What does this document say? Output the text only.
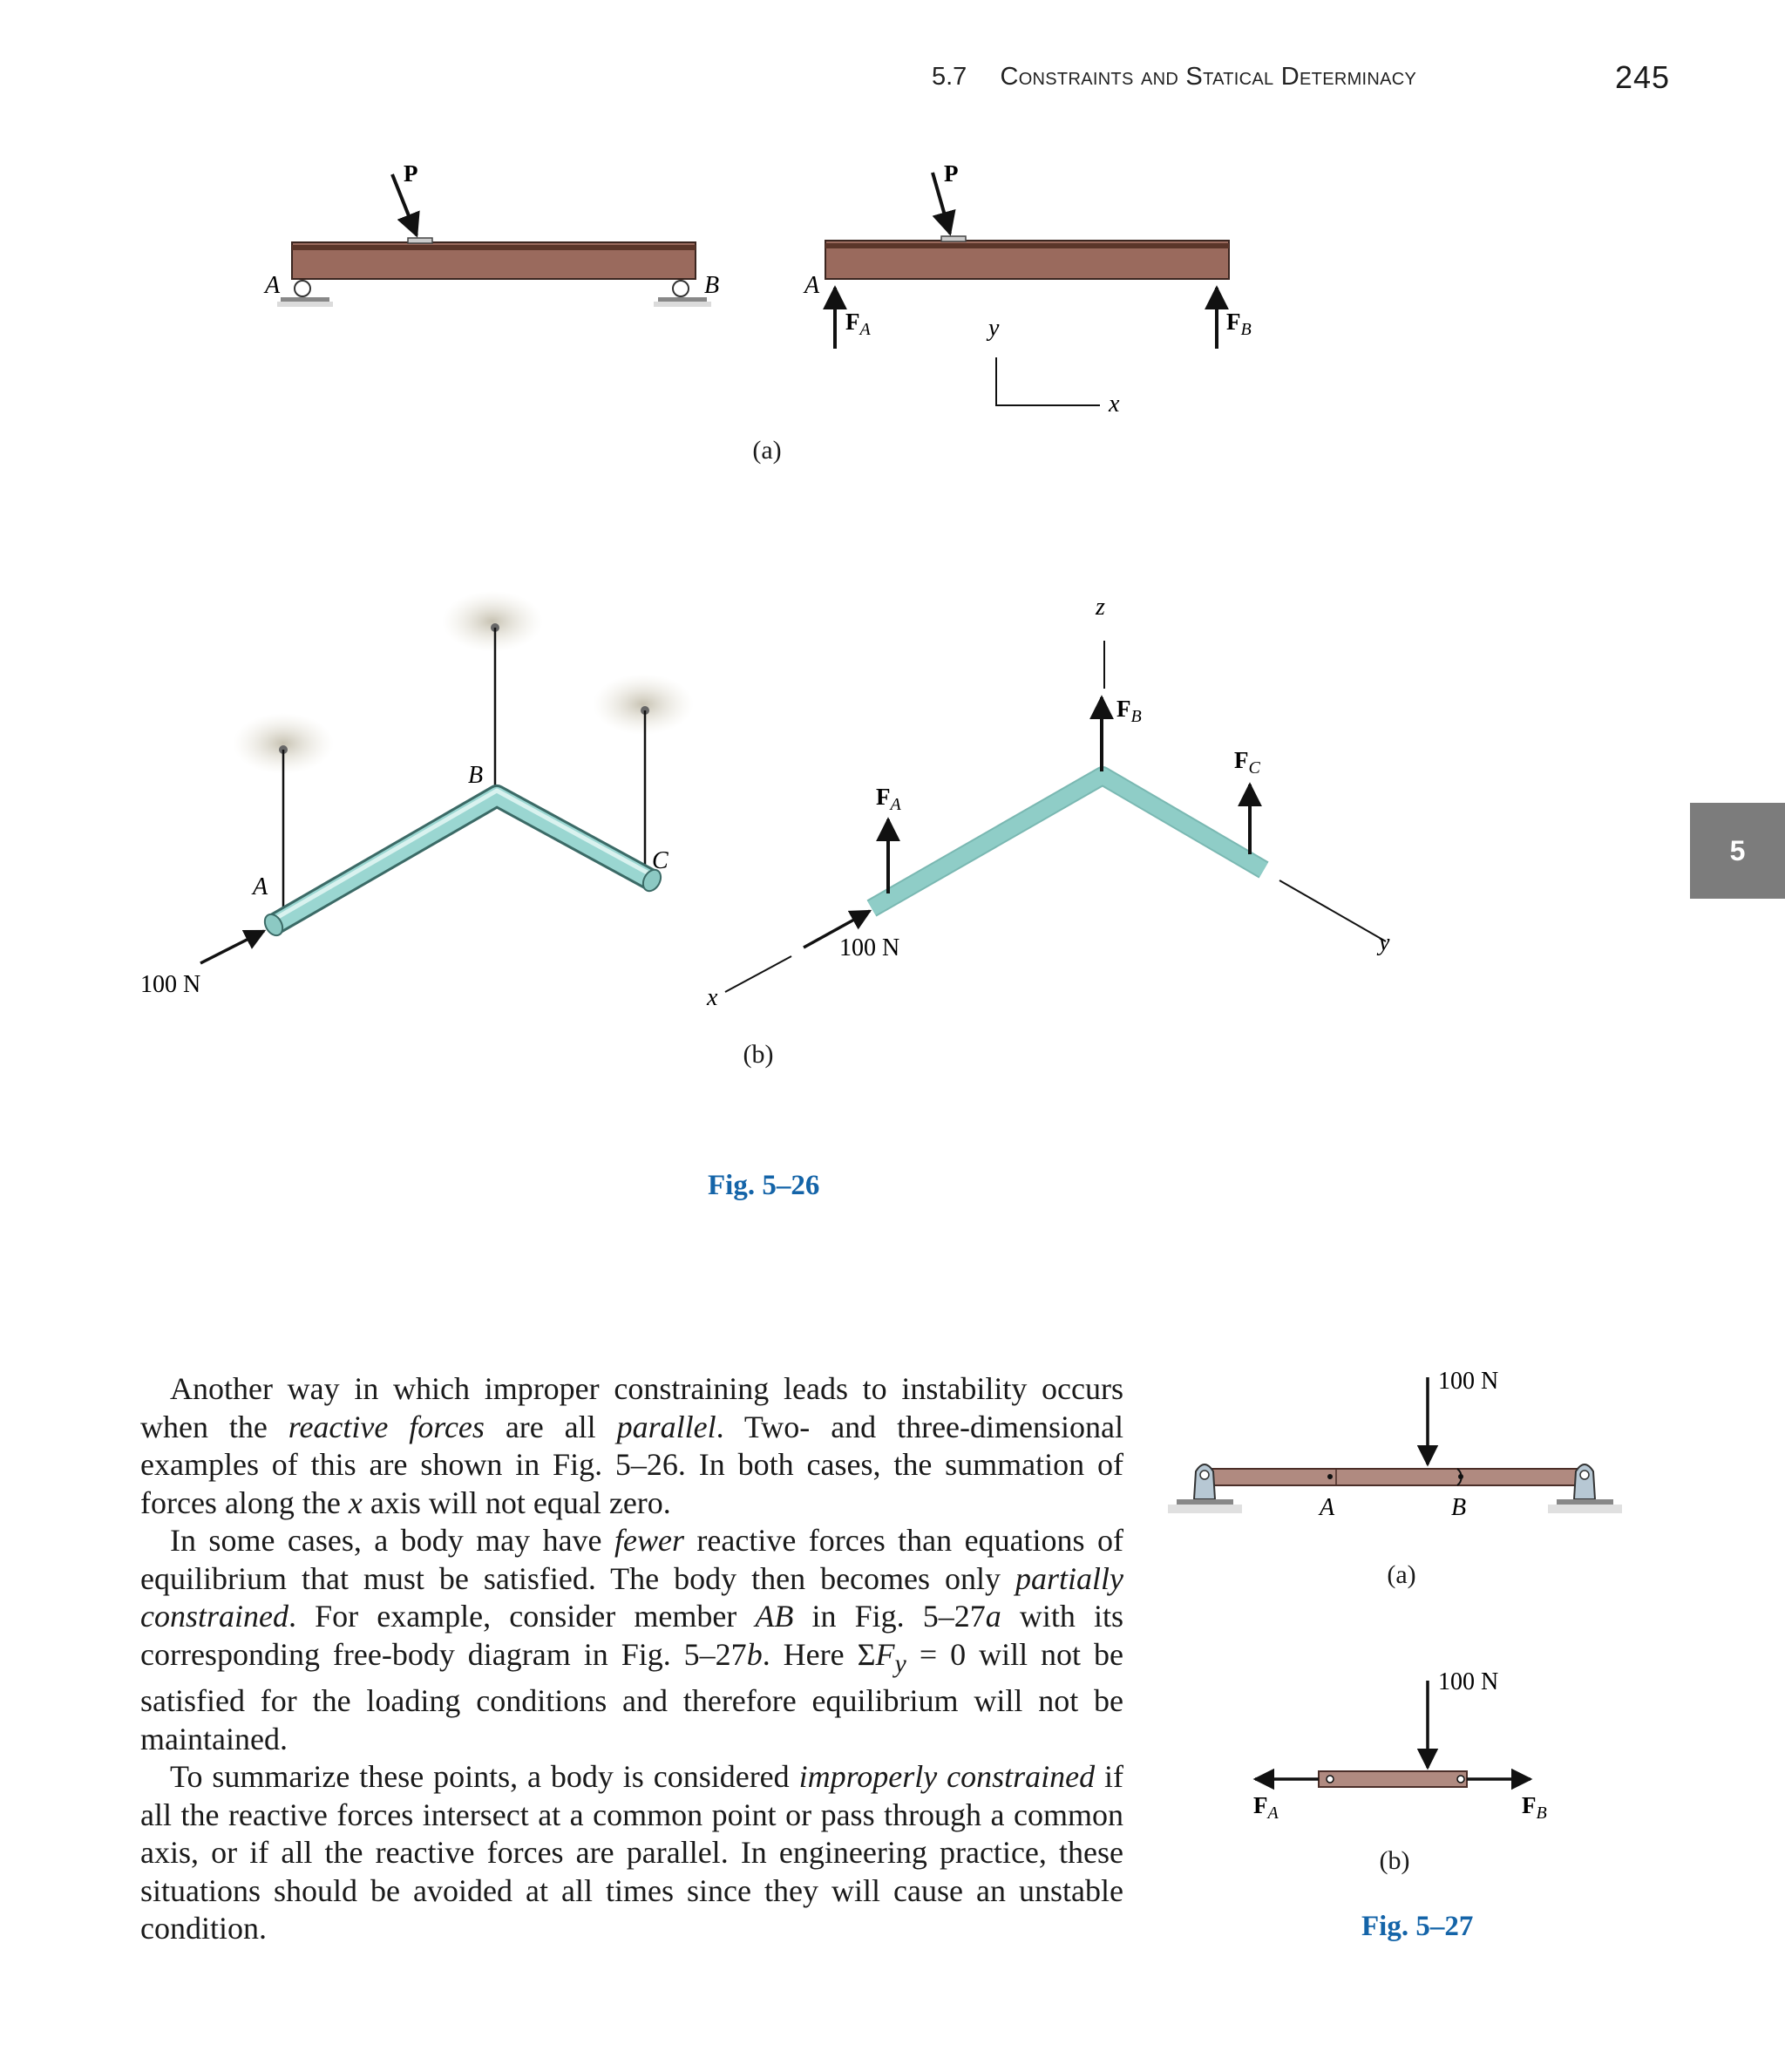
5.7 Constraints and Statical Determinacy	245
5
P
A	B
P
A
$F_A$	$F_B$
y
x
(a)
A
B
C
100 N
z
$F_B$
$F_A$
$F_C$
100 N	y
x
(b)
Fig. 5–26

Another way in which improper constraining leads to instability occurs when the reactive forces are all parallel. Two- and three-dimensional examples of this are shown in Fig. 5–26. In both cases, the summation of forces along the x axis will not equal zero.

In some cases, a body may have fewer reactive forces than equations of equilibrium that must be satisfied. The body then becomes only partially constrained. For example, consider member AB in Fig. 5–27a with its corresponding free-body diagram in Fig. 5–27b. Here $\Sigma F_y = 0$ will not be satisfied for the loading conditions and therefore equilibrium will not be maintained.

To summarize these points, a body is considered improperly constrained if all the reactive forces intersect at a common point or pass through a common axis, or if all the reactive forces are parallel. In engineering practice, these situations should be avoided at all times since they will cause an unstable condition.

100 N
A	B
100 N
$F_A$	$F_B$
(a)
(b)
Fig. 5–27
